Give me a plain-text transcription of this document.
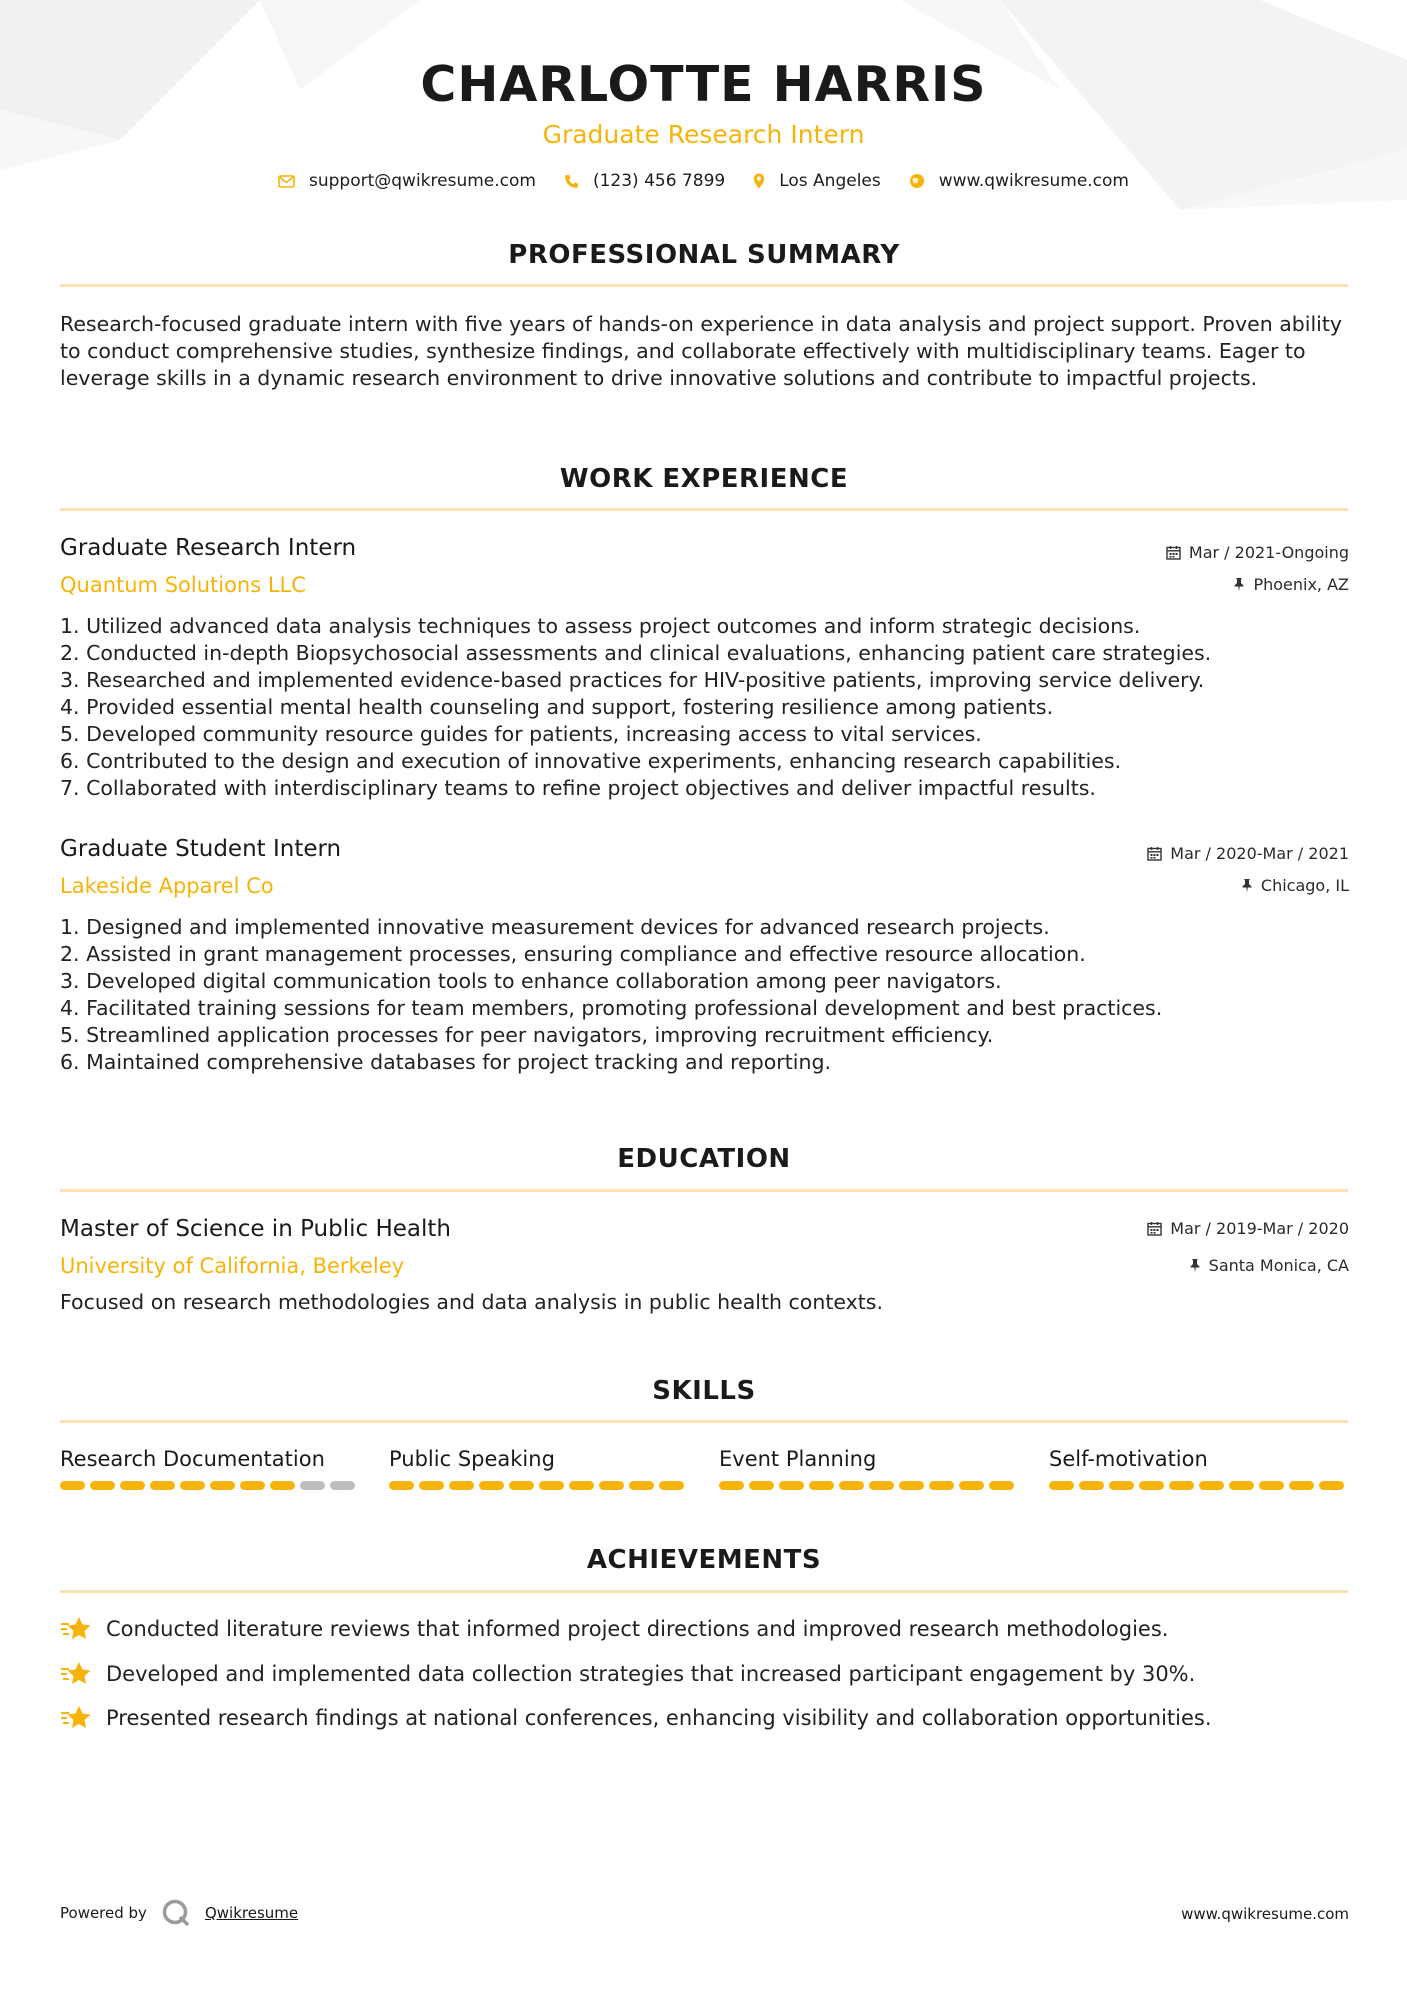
CHARLOTTE HARRIS
Graduate Research Intern
support@qwikresume.com	(123) 456 7899	Los Angeles	www.qwikresume.com
PROFESSIONAL SUMMARY
Research-focused graduate intern with five years of hands-on experience in data analysis and project support. Proven ability to conduct comprehensive studies, synthesize findings, and collaborate effectively with multidisciplinary teams. Eager to leverage skills in a dynamic research environment to drive innovative solutions and contribute to impactful projects.
WORK EXPERIENCE
Graduate Research Intern	Mar / 2021-Ongoing
Quantum Solutions LLC	Phoenix, AZ
1. Utilized advanced data analysis techniques to assess project outcomes and inform strategic decisions.
2. Conducted in-depth Biopsychosocial assessments and clinical evaluations, enhancing patient care strategies.
3. Researched and implemented evidence-based practices for HIV-positive patients, improving service delivery.
4. Provided essential mental health counseling and support, fostering resilience among patients.
5. Developed community resource guides for patients, increasing access to vital services.
6. Contributed to the design and execution of innovative experiments, enhancing research capabilities.
7. Collaborated with interdisciplinary teams to refine project objectives and deliver impactful results.
Graduate Student Intern	Mar / 2020-Mar / 2021
Lakeside Apparel Co	Chicago, IL
1. Designed and implemented innovative measurement devices for advanced research projects.
2. Assisted in grant management processes, ensuring compliance and effective resource allocation.
3. Developed digital communication tools to enhance collaboration among peer navigators.
4. Facilitated training sessions for team members, promoting professional development and best practices.
5. Streamlined application processes for peer navigators, improving recruitment efficiency.
6. Maintained comprehensive databases for project tracking and reporting.
EDUCATION
Master of Science in Public Health	Mar / 2019-Mar / 2020
University of California, Berkeley	Santa Monica, CA
Focused on research methodologies and data analysis in public health contexts.
SKILLS
Research Documentation	Public Speaking	Event Planning	Self-motivation
ACHIEVEMENTS
Conducted literature reviews that informed project directions and improved research methodologies.
Developed and implemented data collection strategies that increased participant engagement by 30%.
Presented research findings at national conferences, enhancing visibility and collaboration opportunities.
Powered by	Qwikresume	www.qwikresume.com
